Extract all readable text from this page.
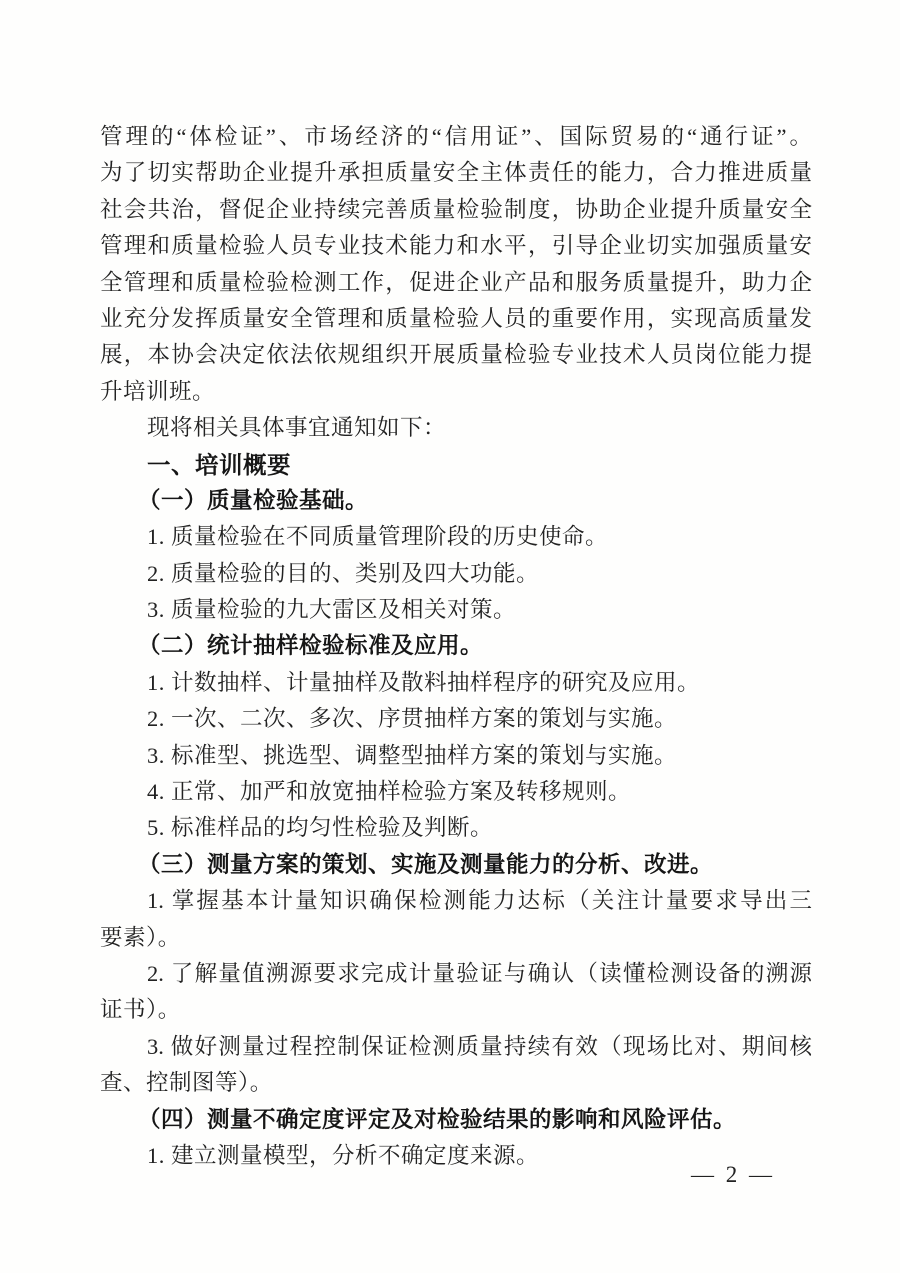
管理的“体检证”、市场经济的“信用证”、国际贸易的“通行证”。

为了切实帮助企业提升承担质量安全主体责任的能力，合力推进质量

社会共治，督促企业持续完善质量检验制度，协助企业提升质量安全

管理和质量检验人员专业技术能力和水平，引导企业切实加强质量安

全管理和质量检验检测工作，促进企业产品和服务质量提升，助力企

业充分发挥质量安全管理和质量检验人员的重要作用，实现高质量发

展，本协会决定依法依规组织开展质量检验专业技术人员岗位能力提

升培训班。

现将相关具体事宜通知如下：

一、培训概要

（一）质量检验基础。

1. 质量检验在不同质量管理阶段的历史使命。

2. 质量检验的目的、类别及四大功能。

3. 质量检验的九大雷区及相关对策。

（二）统计抽样检验标准及应用。

1. 计数抽样、计量抽样及散料抽样程序的研究及应用。

2. 一次、二次、多次、序贯抽样方案的策划与实施。

3. 标准型、挑选型、调整型抽样方案的策划与实施。

4. 正常、加严和放宽抽样检验方案及转移规则。

5. 标准样品的均匀性检验及判断。

（三）测量方案的策划、实施及测量能力的分析、改进。

1. 掌握基本计量知识确保检测能力达标（关注计量要求导出三

要素）。

2. 了解量值溯源要求完成计量验证与确认（读懂检测设备的溯源

证书）。

3. 做好测量过程控制保证检测质量持续有效（现场比对、期间核

查、控制图等）。

（四）测量不确定度评定及对检验结果的影响和风险评估。

1. 建立测量模型，分析不确定度来源。

— 2 —
